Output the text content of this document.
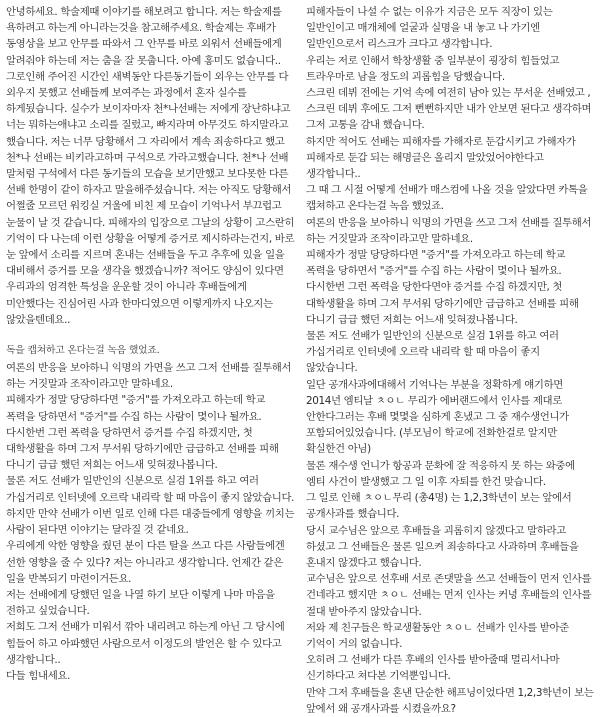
안녕하세요. 학술제때 이야기를 해보려고 합니다. 저는 학술제를 욕하려고 하는게 아니라는것을 참고해주세요. 학술제는 후배가 동영상을 보고 안무를 따와서 그 안무를 바로 외워서 선배들에게 알려줘야 하는데 저는 춤을 잘 못춥니다. 아예 홍미도 없습니다.. 그로인해 주어진 시간인 새벽동안 다른동기들이 외우는 안무를 다 외우지 못했고 선배들께 보여주는 과정에서 혼자 실수를 하게됬습니다. 실수가 보이자마자 천*나선배는 저에게 장난하냐고 너는 뭐하는애냐고 소리를 질렀고, 빠지라며 아무것도 하지말라고 했습니다. 저는 너무 당황해서 그 자리에서 계속 죄송하다고 했고 천*나 선배는 비키라고하며 구석으로 가라고했습니다. 천*나 선배 말처럼 구석에서 다른 동기들의 모습을 보기만했고 보다못한 다른 선배 한명이 같이 하자고 말을해주셨습니다. 저는 아직도 당황해서 어쩔줄 모르던 워킹실 거울에 비친 제 모습이 기억나서 부끄럽고 눈물이 날 것 같습니다. 피해자의 입장으로 그날의 상황이 고스란히 기억이 다 나는데 이런 상황을 어떻게 증거로 제시하라는건지, 바로 눈 앞에서 소리를 지르며 혼내는 선배들을 두고 추후에 있을 일을 대비해서 증거를 모을 생각을 했겠습니까? 적어도 양심이 있다면 우리과의 엄격한 특성을 운운할 것이 아니라 후배들에게 미안했다는 진심어린 사과 한마디였으면 이렇게까지 나오지는 않았을텐데요..

독을 캡쳐하고 온다는걸 녹음 했었죠.

여론의 반응을 보아하니 익명의 가면을 쓰고 그저 선배를 질투해서 하는 거짓말과 조작이라고만 말하네요.
피해자가 정말 당당하다면 "증거"를 가져오라고 하는데 학교 폭력을 당하면서 "증거"를 수집 하는 사람이 몇이나 될까요.
다시한번 그런 폭력을 당하면서 증거를 수집 하겠지만, 첫 대학생활을 하며 그저 무서워 당하기에만 급급하고 선배를 피해 다니기 급급 했던 저희는 어느새 잊혀졌나봅니다.
물론 저도 선배가 일반인의 신분으로 실검 1위를 하고 여러 가십거리로 인터넷에 오르락 내리락 할 때 마음이 좋지 않았습니다.
하지만 만약 선배가 이번 일로 인해 다른 대중들에게 영향을 끼치는 사람이 된다면 이야기는 달라질 것 같네요.
우리에게 악한 영향을 줬던 분이 다른 탈을 쓰고 다른 사람들에겐 선한 영향을 줄 수 있다? 저는 아니라고 생각합니다. 언제간 같은 일을 반복되기 마련이거든요.
저는 선배에게 당했던 일을 나열 하기 보단 이렇게 나마 마음을 전하고 싶었습니다.
저희도 그저 선배가 미워서 깎아 내리려고 하는게 아닌 그 당시에 힘들어 하고 아파했던 사람으로서 이정도의 발언은 할 수 있다고 생각합니다..
다들 힘내세요.

피해자들이 나설 수 없는 이유가 지금은 모두 직장이 있는 일반인이고 매개체에 얼굴과 실명을 내 놓고 나 가기엔 일반인으로서 리스크가 크다고 생각합니다.
우리는 저로 인해서 학창생활 중 일부분이 굉장히 힘들었고 트라우마로 남을 정도의 괴롭힘을 당했습니다.
스크린 데뷔 전에는 기억 속에 여전히 남아 있는 무서운 선배였고 , 스크린 데뷔 후에도 그저 뻔뻔하지만 내가 안보면 된다고 생각하며 그저 고통을 감내 했습니다.
하지만 적어도 선배는 피해자를 가해자로 둔갑시키고 가해자가 피해자로 둔갑 되는 해명글은 올리지 말았었어야한다고 생각합니다..
그 때 그 시절 어떻게 선배가 매스컴에 나올 것을 알았다면 카톡을 캡쳐하고 온다는걸 녹음 했었죠.
여론의 반응을 보아하니 익명의 가면을 쓰고 그저 선배를 질투해서 하는 거짓말과 조작이라고만 말하네요.
피해자가 정말 당당하다면 "증거"를 가져오라고 하는데 학교 폭력을 당하면서 "증거"를 수집 하는 사람이 몇이나 될까요.
다시한번 그런 폭력을 당한다면야 증거를 수집 하겠지만, 첫 대학생활을 하며 그저 무서워 당하기에만 급급하고 선배를 피해 다니기 급급 했던 저희는 어느새 잊혀졌나봅니다.
물론 저도 선배가 일반인의 신분으로 실검 1위를 하고 여러 가십거리로 인터넷에 오르락 내리락 할 때 마음이 좋지 않았습니다.
일단 공개사과에대해서 기억나는 부분을 정확하게 얘기하면 2014년 엠티날 ㅊㅇㄴ 무리가 에버랜드에서 인사를 제대로 안한다그러는 후배 몇몇을 심하게 혼냈고 그 중 재수생언니가 포함되어있었습니다. (부모님이 학교에 전화한걸로 알지만 확실한건 아님)
물론 재수생 언니가 항공과 문화에 잘 적응하지 못 하는 와중에 엠티 사건이 발생했고 그 일 이후 자퇴를 한건 맞습니다.
그 일로 인해 ㅊㅇㄴ무리 (총4명) 는 1,2,3학년이 보는 앞에서 공개사과를 했습니다.
당시 교수님은 앞으로 후배들을 괴롭히지 않겠다고 말하라고 하셨고 그 선배들은 물론 일으켜 죄송하다고 사과하며 후배들을 혼내지 않겠다고 했습니다.
교수님은 앞으로 선후배 서로 존댓말을 쓰고 선배들이 먼저 인사를 건네라고 했지만 ㅊㅇㄴ 선배는 먼저 인사는 커녕 후배들의 인사를 절대 받아주지 않았습니다.
저와 제 친구들은 학교생활동안 ㅊㅇㄴ 선배가 인사를 받아준 기억이 거의 없습니다.
오히려 그 선배가 다른 후배의 인사를 받아줄때 멀리서나마 신기하다고 쳐다본 기억뿐입니다.

만약 그저 후배들을 혼낸 단순한 해프닝이었다면 1,2,3학년이 보는 앞에서 왜 공개사과를 시켰을까요?
